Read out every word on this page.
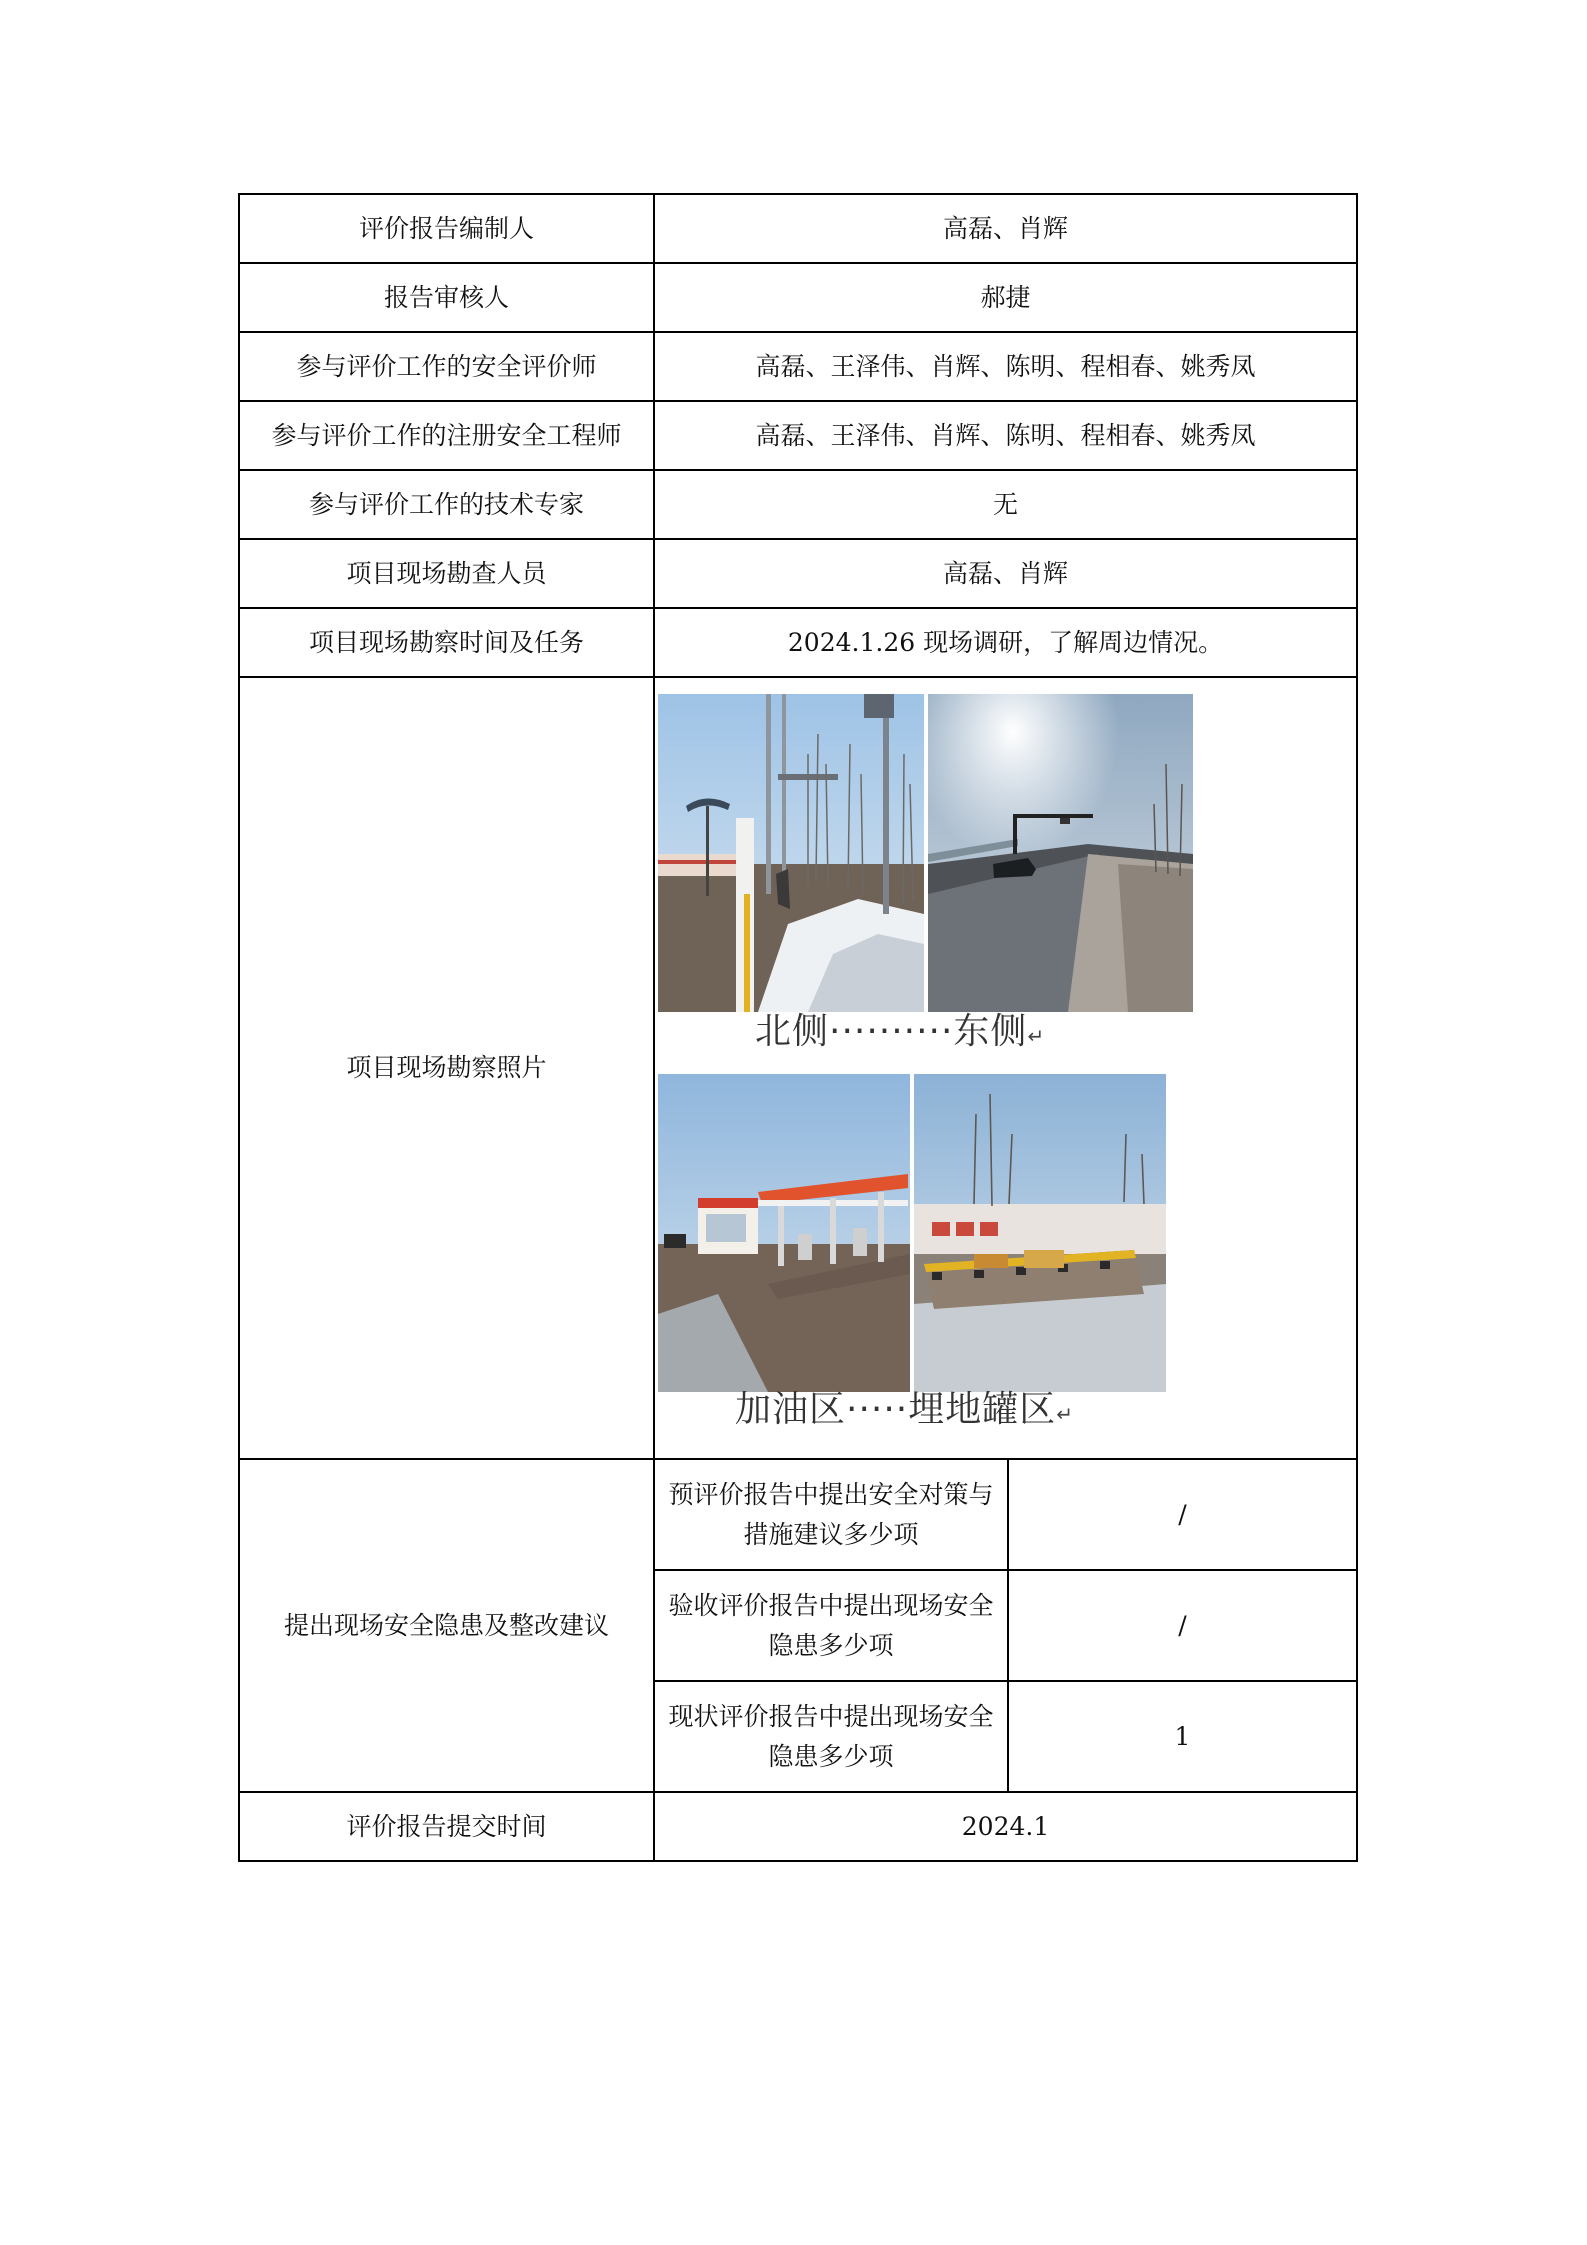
评价报告编制人	高磊、肖辉	
报告审核人	郝捷	
参与评价工作的安全评价师	高磊、王泽伟、肖辉、陈明、程相春、姚秀凤	
参与评价工作的注册安全工程师	高磊、王泽伟、肖辉、陈明、程相春、姚秀凤	
参与评价工作的技术专家	无	
项目现场勘查人员	高磊、肖辉	
项目现场勘察时间及任务	2024.1.26 现场调研，了解周边情况。	
项目现场勘察照片	北侧··········东侧↵
加油区·····埋地罐区↵	

提出现场安全隐患及整改建议	预评价报告中提出安全对策与措施建议多少项	/
	验收评价报告中提出现场安全隐患多少项	/
	现状评价报告中提出现场安全隐患多少项	1
评价报告提交时间	2024.1	
